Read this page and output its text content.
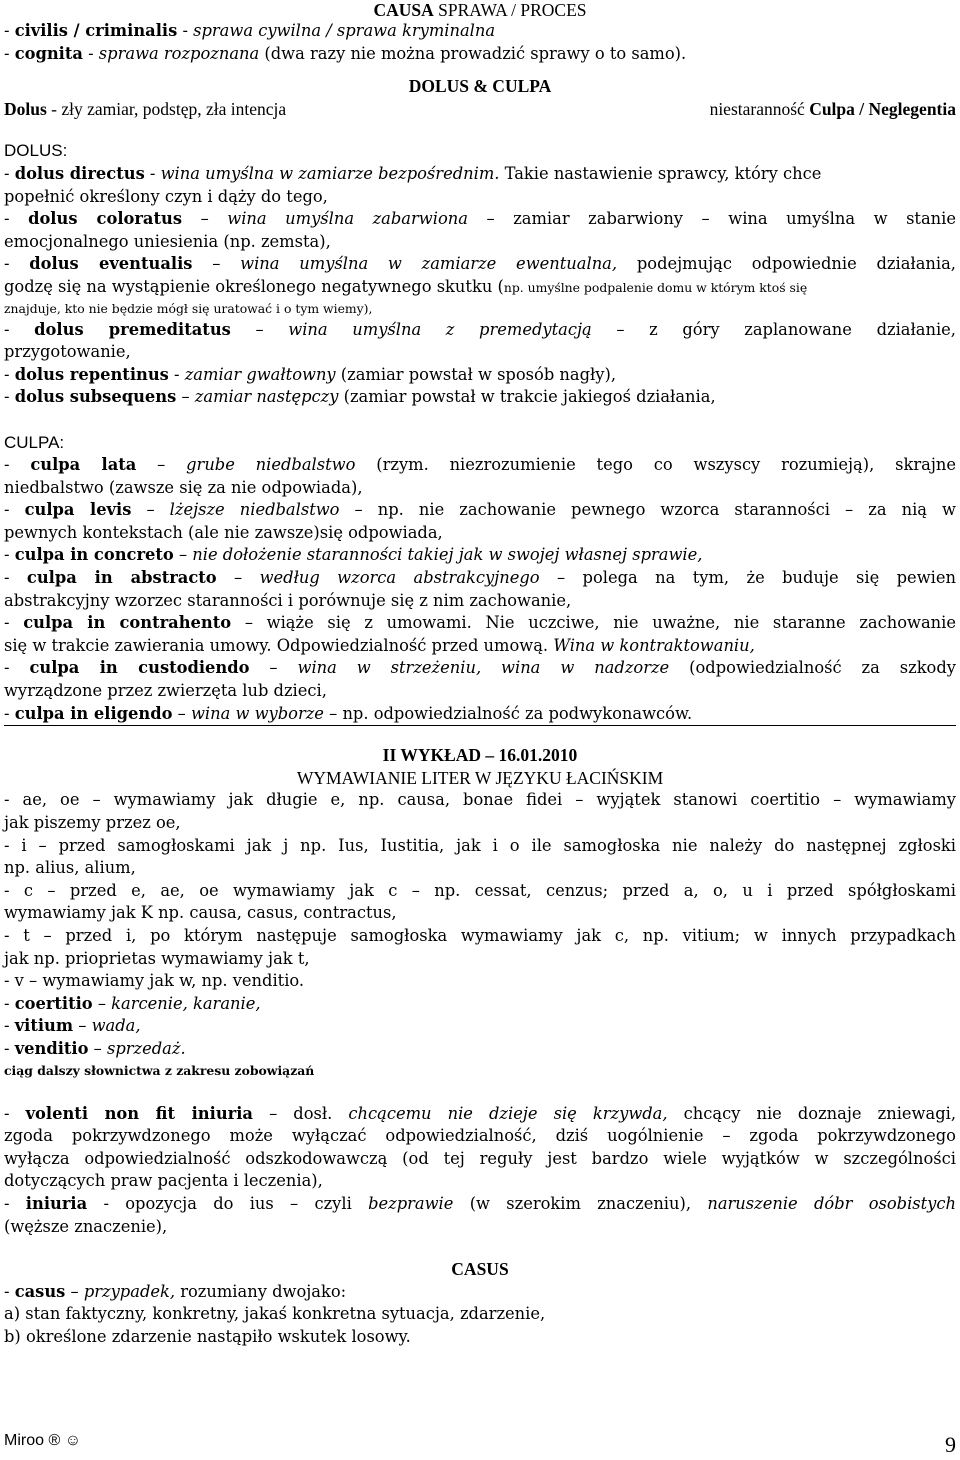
CAUSA SPRAWA / PROCES
- civilis / criminalis - sprawa cywilna / sprawa kryminalna
- cognita - sprawa rozpoznana (dwa razy nie można prowadzić sprawy o to samo).
DOLUS & CULPA
Dolus - zły zamiar, podstęp, zła intencja	niestaranność Culpa / Neglegentia
DOLUS:
- dolus directus - wina umyślna w zamiarze bezpośrednim. Takie nastawienie sprawcy, który chce
popełnić określony czyn i dąży do tego,
- dolus coloratus – wina umyślna zabarwiona – zamiar zabarwiony – wina umyślna w stanie
emocjonalnego uniesienia (np. zemsta),
- dolus eventualis – wina umyślna w zamiarze ewentualna, podejmując odpowiednie działania,
godzę się na wystąpienie określonego negatywnego skutku (np. umyślne podpalenie domu w którym ktoś się
znajduje, kto nie będzie mógł się uratować i o tym wiemy),
- dolus premeditatus – wina umyślna z premedytacją – z góry zaplanowane działanie,
przygotowanie,
- dolus repentinus - zamiar gwałtowny (zamiar powstał w sposób nagły),
- dolus subsequens – zamiar następczy (zamiar powstał w trakcie jakiegoś działania,
CULPA:
- culpa lata – grube niedbalstwo (rzym. niezrozumienie tego co wszyscy rozumieją), skrajne
niedbalstwo (zawsze się za nie odpowiada),
- culpa levis – lżejsze niedbalstwo – np. nie zachowanie pewnego wzorca staranności – za nią w
pewnych kontekstach (ale nie zawsze)się odpowiada,
- culpa in concreto – nie dołożenie staranności takiej jak w swojej własnej sprawie,
- culpa in abstracto – według wzorca abstrakcyjnego – polega na tym, że buduje się pewien
abstrakcyjny wzorzec staranności i porównuje się z nim zachowanie,
- culpa in contrahento – wiąże się z umowami. Nie uczciwe, nie uważne, nie staranne zachowanie
się w trakcie zawierania umowy. Odpowiedzialność przed umową. Wina w kontraktowaniu,
- culpa in custodiendo – wina w strzeżeniu, wina w nadzorze (odpowiedzialność za szkody
wyrządzone przez zwierzęta lub dzieci,
- culpa in eligendo – wina w wyborze – np. odpowiedzialność za podwykonawców.
II WYKŁAD – 16.01.2010
WYMAWIANIE LITER W JĘZYKU ŁACIŃSKIM
- ae, oe – wymawiamy jak długie e, np. causa, bonae fidei – wyjątek stanowi coertitio – wymawiamy
jak piszemy przez oe,
- i – przed samogłoskami jak j np. Ius, Iustitia, jak i o ile samogłoska nie należy do następnej zgłoski
np. alius, alium,
- c – przed e, ae, oe wymawiamy jak c – np. cessat, cenzus; przed a, o, u i przed spółgłoskami
wymawiamy jak K np. causa, casus, contractus,
- t – przed i, po którym następuje samogłoska wymawiamy jak c, np. vitium; w innych przypadkach
jak np. prioprietas wymawiamy jak t,
- v – wymawiamy jak w, np. venditio.
- coertitio – karcenie, karanie,
- vitium – wada,
- venditio – sprzedaż.
ciąg dalszy słownictwa z zakresu zobowiązań
- volenti non fit iniuria – dosł. chcącemu nie dzieje się krzywda, chcący nie doznaje zniewagi,
zgoda pokrzywdzonego może wyłączać odpowiedzialność, dziś uogólnienie – zgoda pokrzywdzonego
wyłącza odpowiedzialność odszkodowawczą (od tej reguły jest bardzo wiele wyjątków w szczególności
dotyczących praw pacjenta i leczenia),
- iniuria - opozycja do ius – czyli bezprawie (w szerokim znaczeniu), naruszenie dóbr osobistych
(węższe znaczenie),
CASUS
- casus – przypadek, rozumiany dwojako:
a) stan faktyczny, konkretny, jakaś konkretna sytuacja, zdarzenie,
b) określone zdarzenie nastąpiło wskutek losowy.
Miroo ® ☺	9
